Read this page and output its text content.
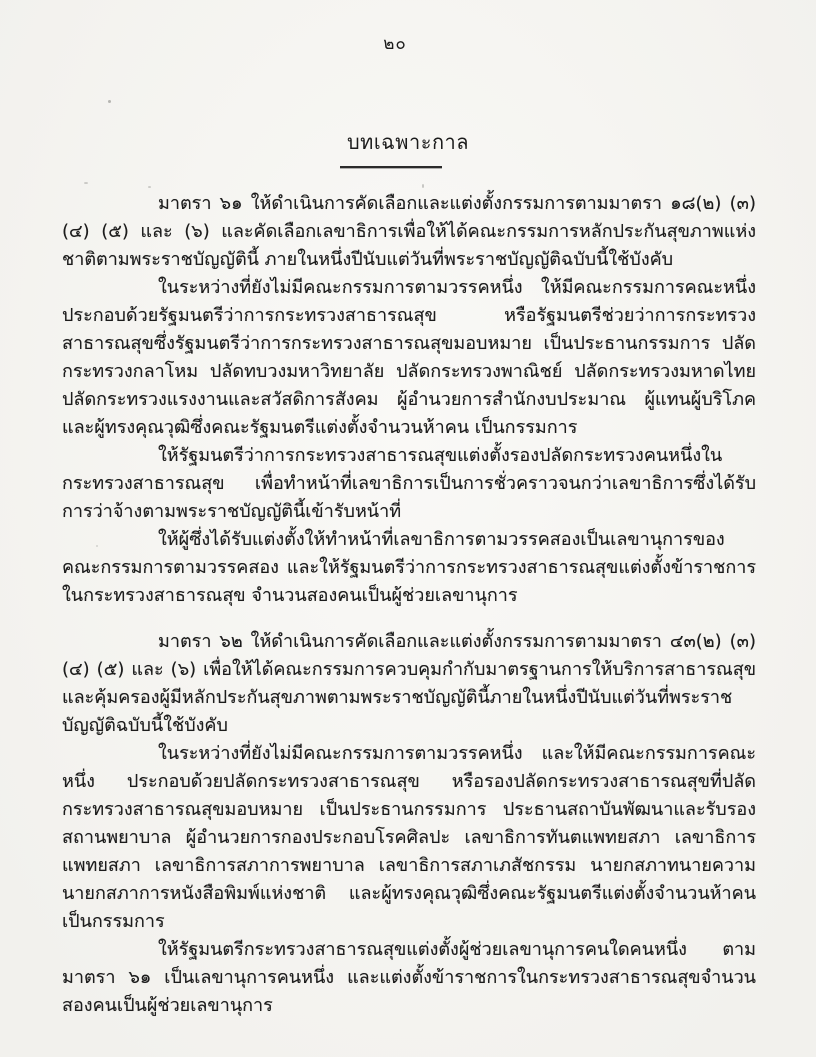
๒๐
บทเฉพาะกาล

มาตรา ๖๑ ให้ดำเนินการคัดเลือกและแต่งตั้งกรรมการตามมาตรา ๑๘(๒) (๓) (๔) (๕) และ (๖) และคัดเลือกเลขาธิการเพื่อให้ได้คณะกรรมการหลักประกันสุขภาพแห่งชาติตามพระราชบัญญัตินี้ ภายในหนึ่งปีนับแต่วันที่พระราชบัญญัติฉบับนี้ใช้บังคับ

ในระหว่างที่ยังไม่มีคณะกรรมการตามวรรคหนึ่ง ให้มีคณะกรรมการคณะหนึ่ง ประกอบด้วยรัฐมนตรีว่าการกระทรวงสาธารณสุข หรือรัฐมนตรีช่วยว่าการกระทรวงสาธารณสุขซึ่งรัฐมนตรีว่าการกระทรวงสาธารณสุขมอบหมาย เป็นประธานกรรมการ ปลัดกระทรวงกลาโหม ปลัดทบวงมหาวิทยาลัย ปลัดกระทรวงพาณิชย์ ปลัดกระทรวงมหาดไทย ปลัดกระทรวงแรงงานและสวัสดิการสังคม ผู้อำนวยการสำนักงบประมาณ ผู้แทนผู้บริโภค และผู้ทรงคุณวุฒิซึ่งคณะรัฐมนตรีแต่งตั้งจำนวนห้าคน เป็นกรรมการ

ให้รัฐมนตรีว่าการกระทรวงสาธารณสุขแต่งตั้งรองปลัดกระทรวงคนหนึ่งในกระทรวงสาธารณสุข เพื่อทำหน้าที่เลขาธิการเป็นการชั่วคราวจนกว่าเลขาธิการซึ่งได้รับการว่าจ้างตามพระราชบัญญัตินี้เข้ารับหน้าที่

ให้ผู้ซึ่งได้รับแต่งตั้งให้ทำหน้าที่เลขาธิการตามวรรคสองเป็นเลขานุการของคณะกรรมการตามวรรคสอง และให้รัฐมนตรีว่าการกระทรวงสาธารณสุขแต่งตั้งข้าราชการในกระทรวงสาธารณสุข จำนวนสองคนเป็นผู้ช่วยเลขานุการ

มาตรา ๖๒ ให้ดำเนินการคัดเลือกและแต่งตั้งกรรมการตามมาตรา ๔๓(๒) (๓) (๔) (๕) และ (๖) เพื่อให้ได้คณะกรรมการควบคุมกำกับมาตรฐานการให้บริการสาธารณสุขและคุ้มครองผู้มีหลักประกันสุขภาพตามพระราชบัญญัตินี้ภายในหนึ่งปีนับแต่วันที่พระราชบัญญัติฉบับนี้ใช้บังคับ

ในระหว่างที่ยังไม่มีคณะกรรมการตามวรรคหนึ่ง และให้มีคณะกรรมการคณะหนึ่ง ประกอบด้วยปลัดกระทรวงสาธารณสุข หรือรองปลัดกระทรวงสาธารณสุขที่ปลัดกระทรวงสาธารณสุขมอบหมาย เป็นประธานกรรมการ ประธานสถาบันพัฒนาและรับรองสถานพยาบาล ผู้อำนวยการกองประกอบโรคศิลปะ เลขาธิการทันตแพทยสภา เลขาธิการแพทยสภา เลขาธิการสภาการพยาบาล เลขาธิการสภาเภสัชกรรม นายกสภาทนายความ นายกสภาการหนังสือพิมพ์แห่งชาติ และผู้ทรงคุณวุฒิซึ่งคณะรัฐมนตรีแต่งตั้งจำนวนห้าคน เป็นกรรมการ

ให้รัฐมนตรีกระทรวงสาธารณสุขแต่งตั้งผู้ช่วยเลขานุการคนใดคนหนึ่ง ตามมาตรา ๖๑ เป็นเลขานุการคนหนึ่ง และแต่งตั้งข้าราชการในกระทรวงสาธารณสุขจำนวนสองคนเป็นผู้ช่วยเลขานุการ
